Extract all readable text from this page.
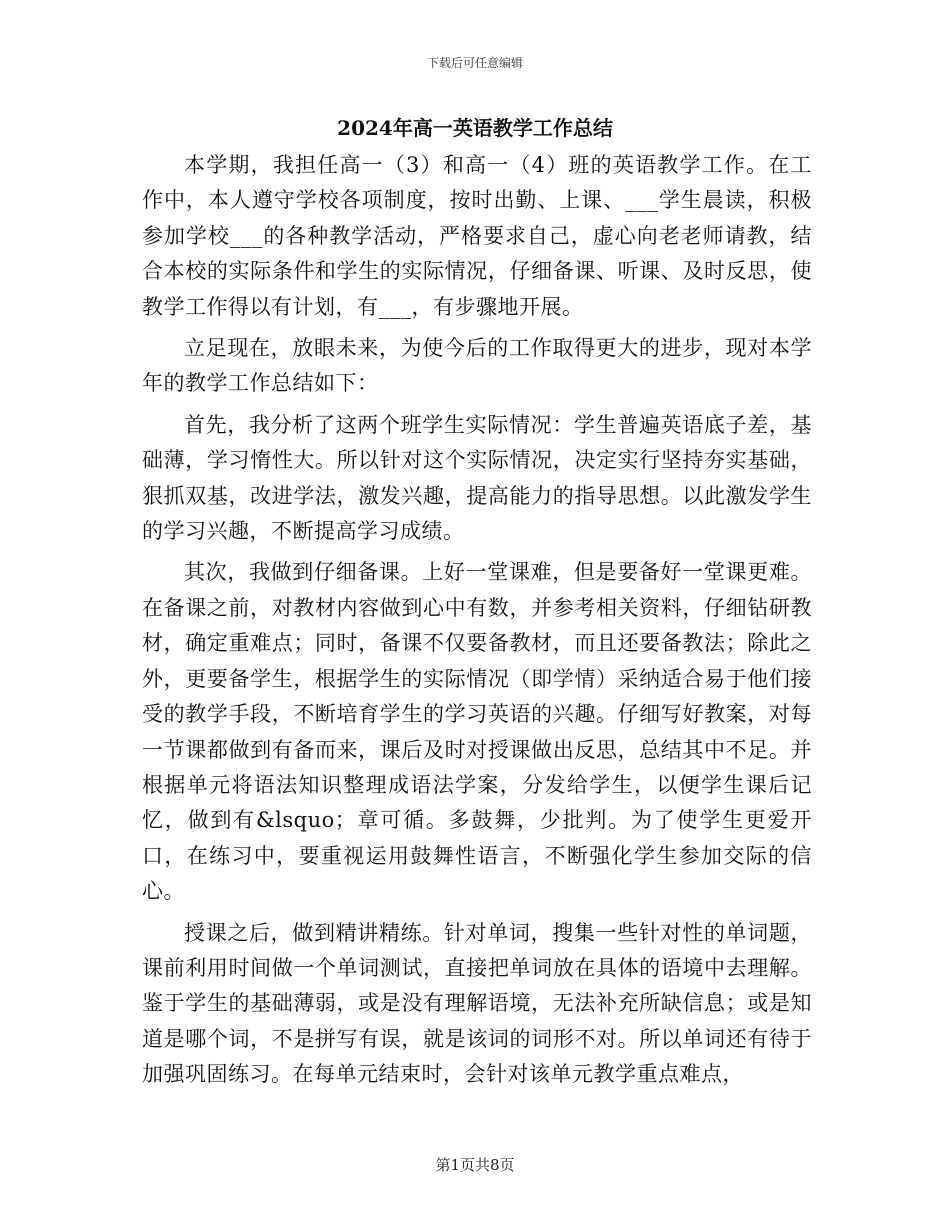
下载后可任意编辑
2024年高一英语教学工作总结

本学期，我担任高一（3）和高一（4）班的英语教学工作。在工作中，本人遵守学校各项制度，按时出勤、上课、___学生晨读，积极参加学校___的各种教学活动，严格要求自己，虚心向老老师请教，结合本校的实际条件和学生的实际情况，仔细备课、听课、及时反思，使教学工作得以有计划，有___，有步骤地开展。

立足现在，放眼未来，为使今后的工作取得更大的进步，现对本学年的教学工作总结如下：

首先，我分析了这两个班学生实际情况：学生普遍英语底子差，基础薄，学习惰性大。所以针对这个实际情况，决定实行坚持夯实基础，狠抓双基，改进学法，激发兴趣，提高能力的指导思想。以此激发学生的学习兴趣，不断提高学习成绩。

其次，我做到仔细备课。上好一堂课难，但是要备好一堂课更难。在备课之前，对教材内容做到心中有数，并参考相关资料，仔细钻研教材，确定重难点；同时，备课不仅要备教材，而且还要备教法；除此之外，更要备学生，根据学生的实际情况（即学情）采纳适合易于他们接受的教学手段，不断培育学生的学习英语的兴趣。仔细写好教案，对每一节课都做到有备而来，课后及时对授课做出反思，总结其中不足。并根据单元将语法知识整理成语法学案，分发给学生，以便学生课后记忆，做到有&lsquo；章可循。多鼓舞，少批判。为了使学生更爱开口，在练习中，要重视运用鼓舞性语言，不断强化学生参加交际的信心。

授课之后，做到精讲精练。针对单词，搜集一些针对性的单词题，课前利用时间做一个单词测试，直接把单词放在具体的语境中去理解。鉴于学生的基础薄弱，或是没有理解语境，无法补充所缺信息；或是知道是哪个词，不是拼写有误，就是该词的词形不对。所以单词还有待于加强巩固练习。在每单元结束时，会针对该单元教学重点难点，

第1页共8页
